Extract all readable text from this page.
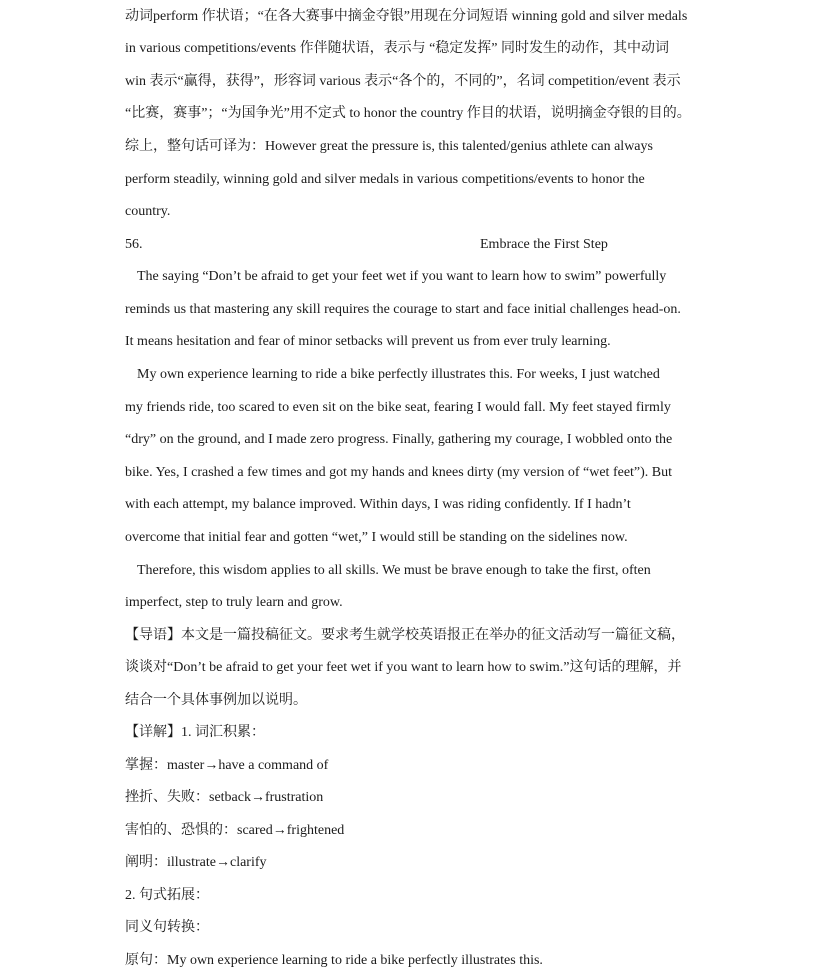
动词perform 作状语；“在各大赛事中摘金夺银”用现在分词短语 winning gold and silver medals
in various competitions/events 作伴随状语，表示与 “稳定发挥” 同时发生的动作，其中动词
win 表示“赢得，获得”，形容词 various 表示“各个的，不同的”，名词 competition/event 表示
“比赛，赛事”；“为国争光”用不定式 to honor the country 作目的状语，说明摘金夺银的目的。
综上，整句话可译为：However great the pressure is, this talented/genius athlete can always
perform steadily, winning gold and silver medals in various competitions/events to honor the
country.
56.	Embrace the First Step
The saying “Don’t be afraid to get your feet wet if you want to learn how to swim” powerfully
reminds us that mastering any skill requires the courage to start and face initial challenges head-on.
It means hesitation and fear of minor setbacks will prevent us from ever truly learning.
My own experience learning to ride a bike perfectly illustrates this. For weeks, I just watched
my friends ride, too scared to even sit on the bike seat, fearing I would fall. My feet stayed firmly
“dry” on the ground, and I made zero progress. Finally, gathering my courage, I wobbled onto the
bike. Yes, I crashed a few times and got my hands and knees dirty (my version of “wet feet”). But
with each attempt, my balance improved. Within days, I was riding confidently. If I hadn’t
overcome that initial fear and gotten “wet,” I would still be standing on the sidelines now.
Therefore, this wisdom applies to all skills. We must be brave enough to take the first, often
imperfect, step to truly learn and grow.
【导语】本文是一篇投稿征文。要求考生就学校英语报正在举办的征文活动写一篇征文稿，
谈谈对“Don’t be afraid to get your feet wet if you want to learn how to swim.”这句话的理解，并
结合一个具体事例加以说明。
【详解】1. 词汇积累：
掌握：master→have a command of
挫折、失败：setback→frustration
害怕的、恐惧的：scared→frightened
阐明：illustrate→clarify
2. 句式拓展：
同义句转换：
原句：My own experience learning to ride a bike perfectly illustrates this.
